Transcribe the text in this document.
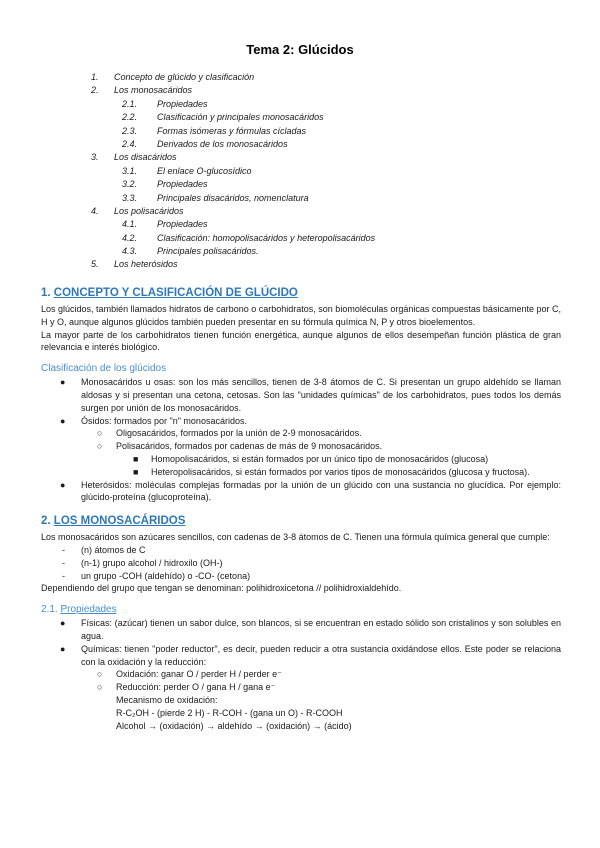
Tema 2: Glúcidos
1. Concepto de glúcido y clasificación
2. Los monosacáridos
2.1. Propiedades
2.2. Clasificación y principales monosacáridos
2.3. Formas isómeras y fórmulas cícladas
2.4. Derivados de los monosacáridos
3. Los disacáridos
3.1. El enlace O-glucosídico
3.2. Propiedades
3.3. Principales disacáridos, nomenclatura
4. Los polisacáridos
4.1. Propiedades
4.2. Clasificación: homopolisacáridos y heteropolisacáridos
4.3. Principales polisacáridos.
5. Los heterósidos
1. CONCEPTO Y CLASIFICACIÓN DE GLÚCIDO

Los glúcidos, también llamados hidratos de carbono o carbohidratos, son biomoléculas orgánicas compuestas básicamente por C, H y O, aunque algunos glúcidos también pueden presentar en su fórmula química N, P y otros bioelementos.

La mayor parte de los carbohidratos tienen función energética, aunque algunos de ellos desempeñan función plástica de gran relevancia e interés biológico.

Clasificación de los glúcidos
● Monosacáridos u osas: son los más sencillos, tienen de 3-8 átomos de C. Si presentan un grupo aldehído se llaman aldosas y si presentan una cetona, cetosas. Son las "unidades químicas" de los carbohidratos, pues todos los demás surgen por unión de los monosacáridos.
● Ósidos: formados por "n" monosacáridos.
○ Oligosacáridos, formados por la unión de 2-9 monosacáridos.
○ Polisacáridos, formados por cadenas de más de 9 monosacáridos.
■ Homopolisacáridos, si están formados por un único tipo de monosacáridos (glucosa)
■ Heteropolisacáridos, si están formados por varios tipos de monosacáridos (glucosa y fructosa).
● Heterósidos: moléculas complejas formadas por la unión de un glúcido con una sustancia no glucídica. Por ejemplo: glúcido-proteína (glucoproteína).
2. LOS MONOSACÁRIDOS

Los monosacáridos son azúcares sencillos, con cadenas de 3-8 átomos de C. Tienen una fórmula química general que cumple:

- (n) átomos de C
- (n-1) grupo alcohol / hidroxilo (OH-)
- un grupo -COH (aldehído) o -CO- (cetona)

Dependiendo del grupo que tengan se denominan: polihidroxicetona // polihidroxialdehído.

2.1. Propiedades
● Físicas: (azúcar) tienen un sabor dulce, son blancos, si se encuentran en estado sólido son cristalinos y son solubles en agua.
● Químicas: tienen "poder reductor", es decir, pueden reducir a otra sustancia oxidándose ellos. Este poder se relaciona con la oxidación y la reducción:
○ Oxidación: ganar O / perder H / perder e⁻
○ Reducción: perder O / gana H / gana e⁻
Mecanismo de oxidación:
R-C₂OH - (pierde 2 H) - R-COH - (gana un O) - R-COOH
Alcohol → (oxidación) → aldehído → (oxidación) → (ácido)
